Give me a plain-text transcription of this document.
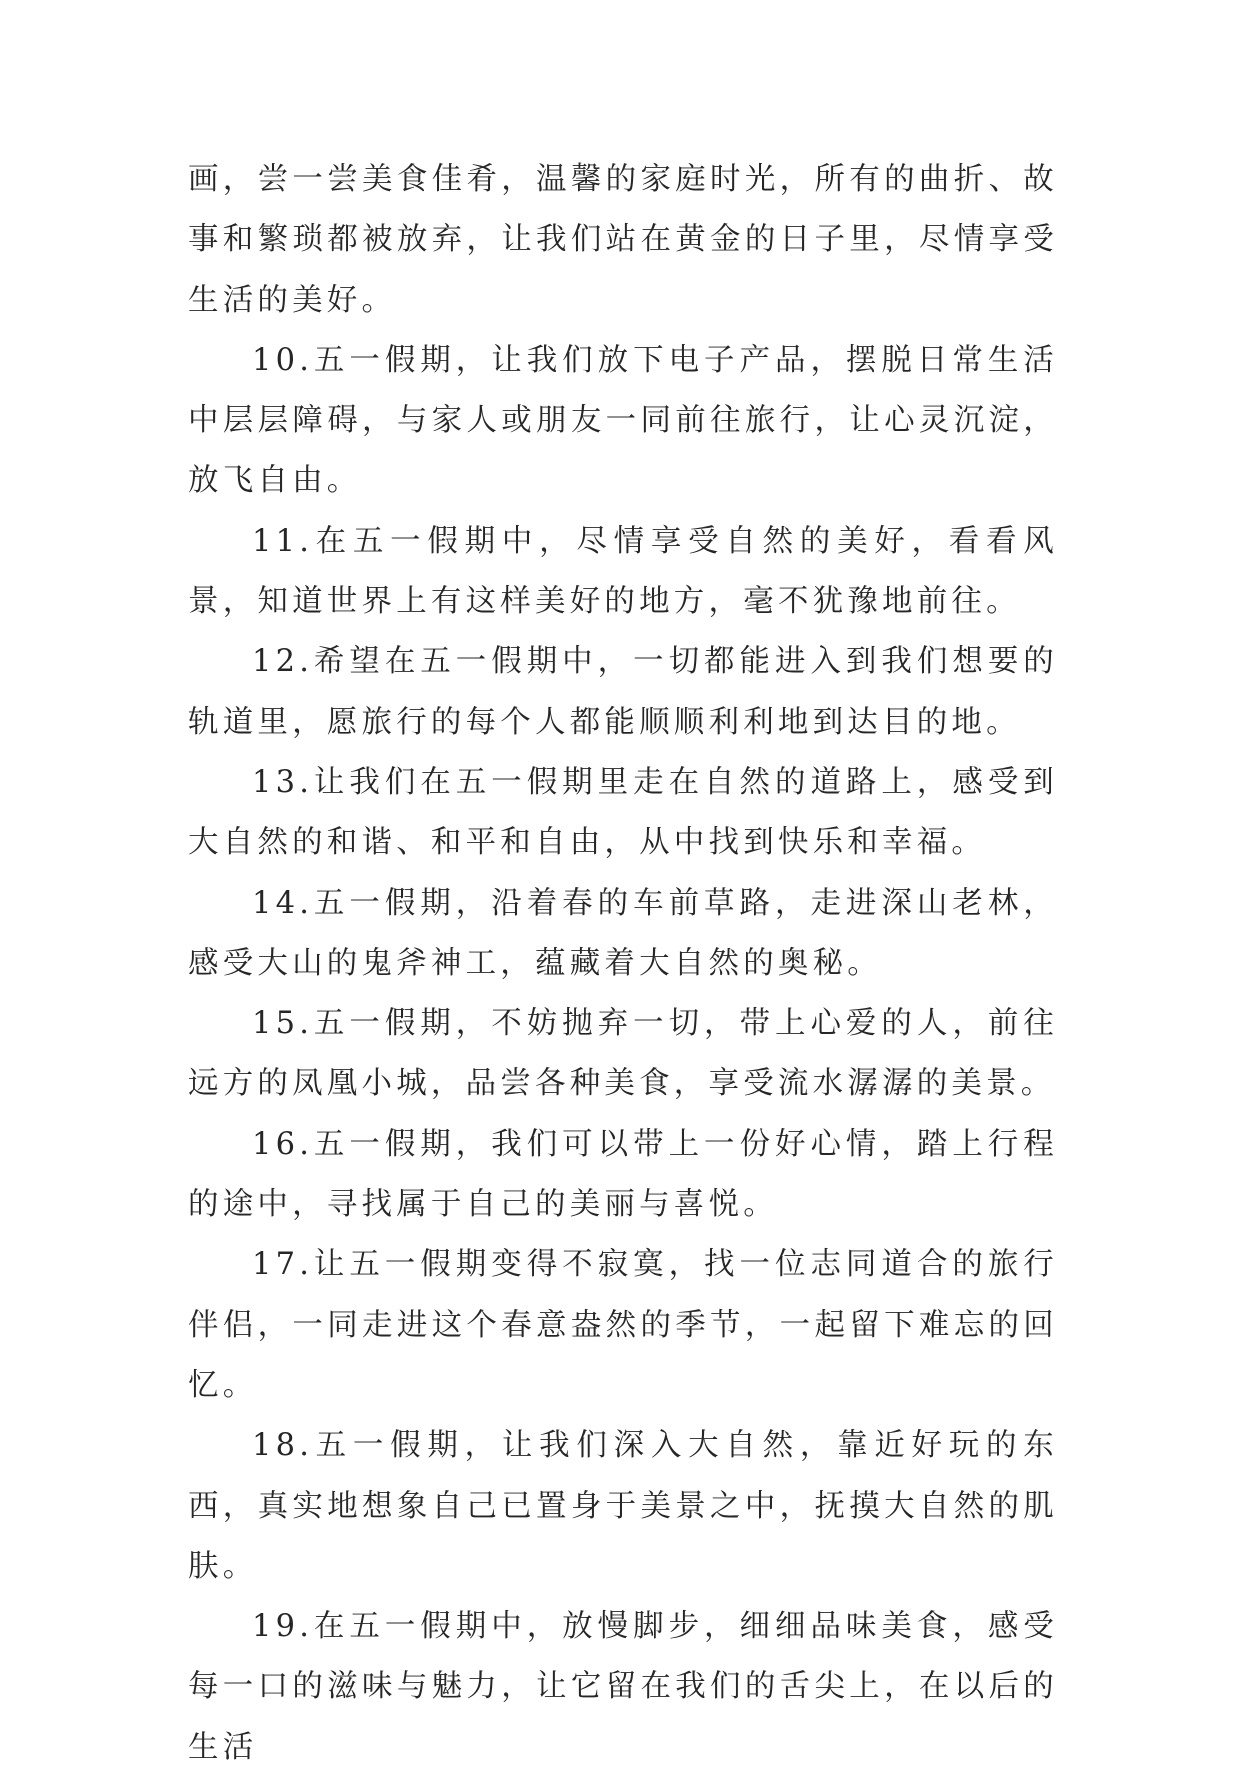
画，尝一尝美食佳肴，温馨的家庭时光，所有的曲折、故事和繁琐都被放弃，让我们站在黄金的日子里，尽情享受生活的美好。

10.五一假期，让我们放下电子产品，摆脱日常生活中层层障碍，与家人或朋友一同前往旅行，让心灵沉淀，放飞自由。

11.在五一假期中，尽情享受自然的美好，看看风景，知道世界上有这样美好的地方，毫不犹豫地前往。

12.希望在五一假期中，一切都能进入到我们想要的轨道里，愿旅行的每个人都能顺顺利利地到达目的地。

13.让我们在五一假期里走在自然的道路上，感受到大自然的和谐、和平和自由，从中找到快乐和幸福。

14.五一假期，沿着春的车前草路，走进深山老林，感受大山的鬼斧神工，蕴藏着大自然的奥秘。

15.五一假期，不妨抛弃一切，带上心爱的人，前往远方的凤凰小城，品尝各种美食，享受流水潺潺的美景。

16.五一假期，我们可以带上一份好心情，踏上行程的途中，寻找属于自己的美丽与喜悦。

17.让五一假期变得不寂寞，找一位志同道合的旅行伴侣，一同走进这个春意盎然的季节，一起留下难忘的回忆。

18.五一假期，让我们深入大自然，靠近好玩的东西，真实地想象自己已置身于美景之中，抚摸大自然的肌肤。

19.在五一假期中，放慢脚步，细细品味美食，感受每一口的滋味与魅力，让它留在我们的舌尖上，在以后的生活
